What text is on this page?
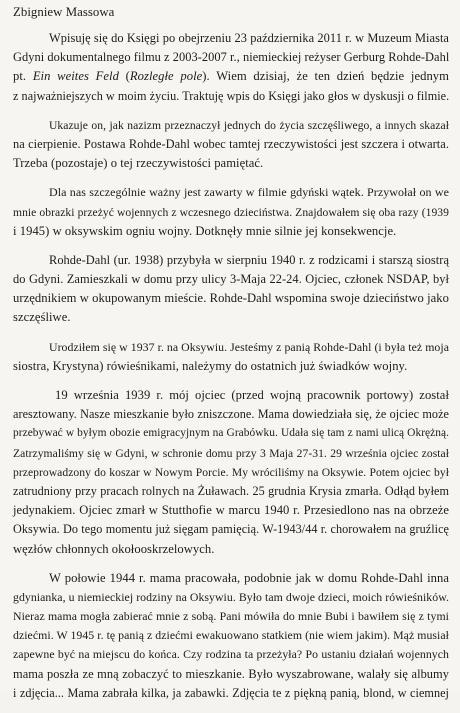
Zbigniew Massowa
Wpisuję się do Księgi po obejrzeniu 23 października 2011 r. w Muzeum Miasta
Gdyni dokumentalnego filmu z 2003-2007 r., niemieckiej reżyser Gerburg Rohde-Dahl
pt. Ein weites Feld (Rozległe pole). Wiem dzisiaj, że ten dzień będzie jednym
z najważniejszych w moim życiu. Traktuję wpis do Księgi jako głos w dyskusji o filmie.
Ukazuje on, jak nazizm przeznaczył jednych do życia szczęśliwego, a innych skazał
na cierpienie. Postawa Rohde-Dahl wobec tamtej rzeczywistości jest szczera i otwarta.
Trzeba (pozostaje) o tej rzeczywistości pamiętać.
Dla nas szczególnie ważny jest zawarty w filmie gdyński wątek. Przywołał on we
mnie obrazki przeżyć wojennych z wczesnego dzieciństwa. Znajdowałem się oba razy (1939
i 1945) w oksywskim ogniu wojny. Dotknęły mnie silnie jej konsekwencje.
Rohde-Dahl (ur. 1938) przybyła w sierpniu 1940 r. z rodzicami i starszą siostrą
do Gdyni. Zamieszkali w domu przy ulicy 3-Maja 22-24. Ojciec, członek NSDAP, był
urzędnikiem w okupowanym mieście. Rohde-Dahl wspomina swoje dzieciństwo jako
szczęśliwe.
Urodziłem się w 1937 r. na Oksywiu. Jesteśmy z panią Rohde-Dahl (i była też moja
siostra, Krystyna) rówieśnikami, należymy do ostatnich już świadków wojny.
19 września 1939 r. mój ojciec (przed wojną pracownik portowy) został
aresztowany. Nasze mieszkanie było zniszczone. Mama dowiedziała się, że ojciec może
przebywać w byłym obozie emigracyjnym na Grabówku. Udała się tam z nami ulicą Okrężną.
Zatrzymaliśmy się w Gdyni, w schronie domu przy 3 Maja 27-31. 29 września ojciec został
przeprowadzony do koszar w Nowym Porcie. My wróciliśmy na Oksywie. Potem ojciec był
zatrudniony przy pracach rolnych na Żuławach. 25 grudnia Krysia zmarła. Odłąd byłem
jedynakiem. Ojciec zmarł w Stutthofie w marcu 1940 r. Przesiedlono nas na obrzeże
Oksywia. Do tego momentu już sięgam pamięcią. W-1943/44 r. chorowałem na gruźlicę
węzłów chłonnych okołooskrzelowych.
W połowie 1944 r. mama pracowała, podobnie jak w domu Rohde-Dahl inna
gdynianka, u niemieckiej rodziny na Oksywiu. Było tam dwoje dzieci, moich rówieśników.
Nieraz mama mogła zabierać mnie z sobą. Pani mówiła do mnie Bubi i bawiłem się z tymi
dziećmi. W 1945 r. tę panią z dziećmi ewakuowano statkiem (nie wiem jakim). Mąż musiał
zapewne być na miejscu do końca. Czy rodzina ta przeżyła? Po ustaniu działań wojennych
mama poszła ze mną zobaczyć to mieszkanie. Było wyszabrowane, walały się albumy
i zdjęcia... Mama zabrała kilka, ja zabawki. Zdjęcia te z piękną panią, blond, w ciemnej
